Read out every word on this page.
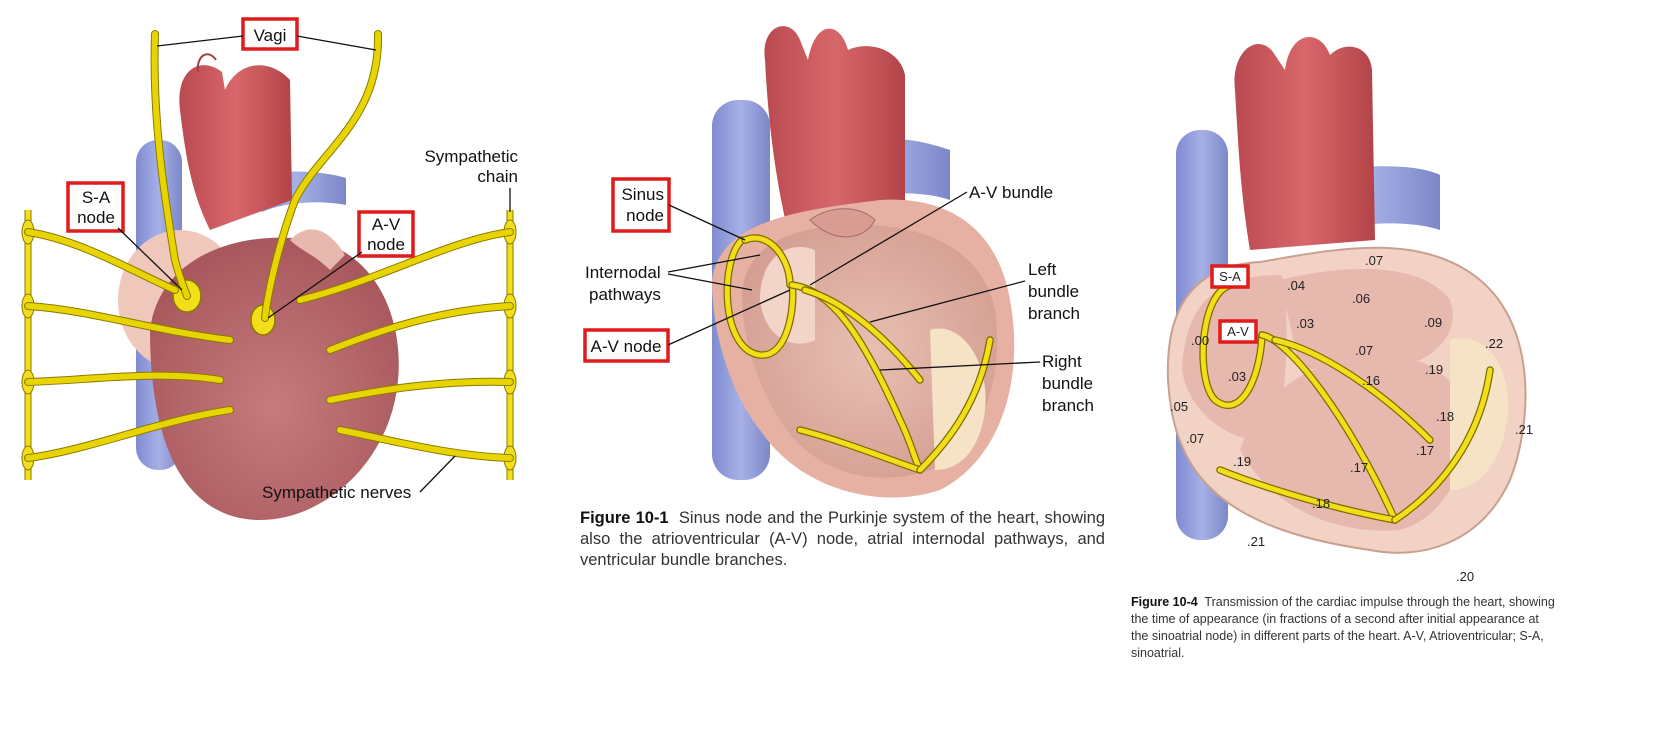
Vagi
S-A
node	A-V
node
Sympathetic
chain
Sympathetic nerves
Sinus
node
Internodal
pathways
A-V node
A-V bundle
Left
bundle
branch
Right
bundle
branch
S-A
A-V
.07
.04
.06
.03	.09
.22
.00
.07
.03	.16
.19
.18
.05
.21
.07
.17
.19	.17
.18
.21
.20
Figure 10-1 Sinus node and the Purkinje system of the heart, showing also the atrioventricular (A-V) node, atrial internodal pathways, and ventricular bundle branches.
Figure 10-4 Transmission of the cardiac impulse through the heart, showing the time of appearance (in fractions of a second after initial appearance at the sinoatrial node) in different parts of the heart. A-V, Atrioventricular; S-A, sinoatrial.
